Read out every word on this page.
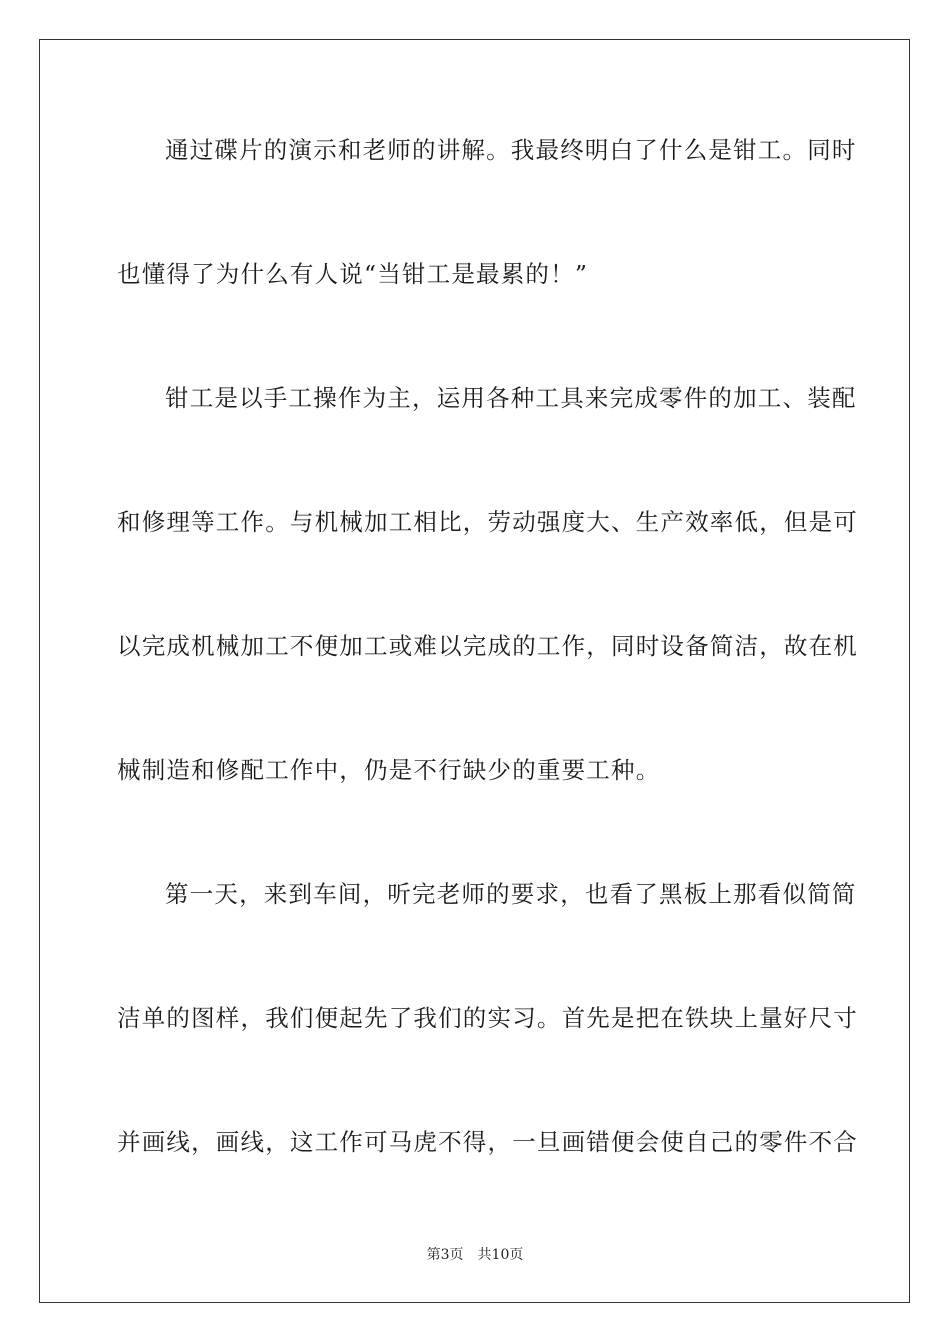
通过碟片的演示和老师的讲解。我最终明白了什么是钳工。同时
也懂得了为什么有人说“当钳工是最累的！”
钳工是以手工操作为主，运用各种工具来完成零件的加工、装配
和修理等工作。与机械加工相比，劳动强度大、生产效率低，但是可
以完成机械加工不便加工或难以完成的工作，同时设备简洁，故在机
械制造和修配工作中，仍是不行缺少的重要工种。
第一天，来到车间，听完老师的要求，也看了黑板上那看似简简
洁单的图样，我们便起先了我们的实习。首先是把在铁块上量好尺寸
并画线，画线，这工作可马虎不得，一旦画错便会使自己的零件不合
第3页 共10页
